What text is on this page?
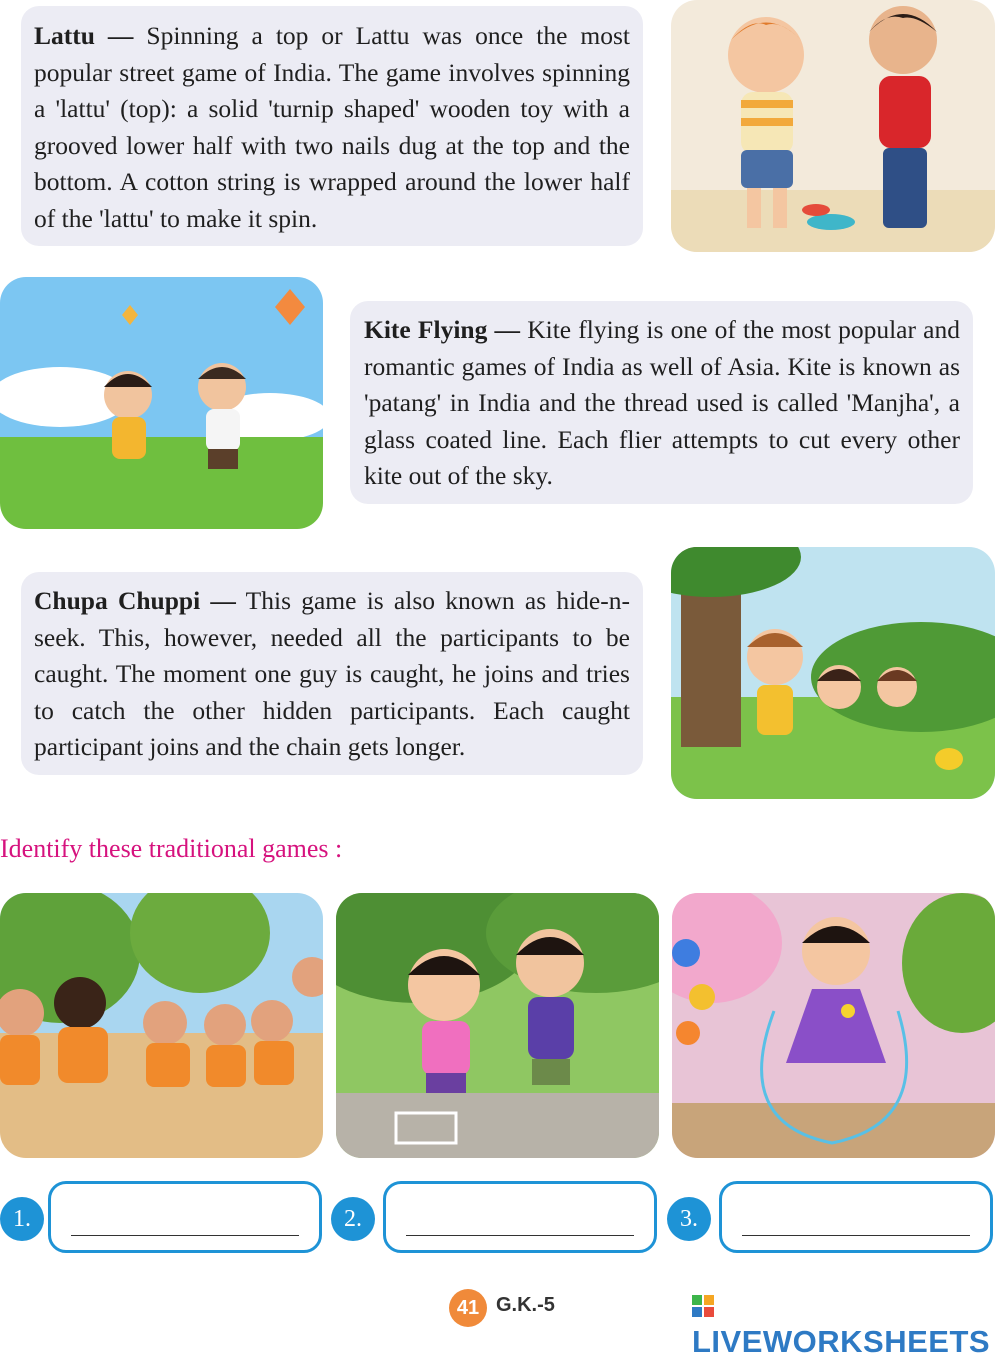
Lattu — Spinning a top or Lattu was once the most popular street game of India. The game involves spinning a 'lattu' (top): a solid 'turnip shaped' wooden toy with a grooved lower half with two nails dug at the top and the bottom. A cotton string is wrapped around the lower half of the 'lattu' to make it spin.

Kite Flying — Kite flying is one of the most popular and romantic games of India as well of Asia. Kite is known as 'patang' in India and the thread used is called 'Manjha', a glass coated line. Each flier attempts to cut every other kite out of the sky.

Chupa Chuppi — This game is also known as hide-n-seek. This, however, needed all the participants to be caught. The moment one guy is caught, he joins and tries to catch the other hidden participants. Each caught participant joins and the chain gets longer.

Identify these traditional games :
1.	2.	3.
41 G.K.-5
LIVEWORKSHEETS
